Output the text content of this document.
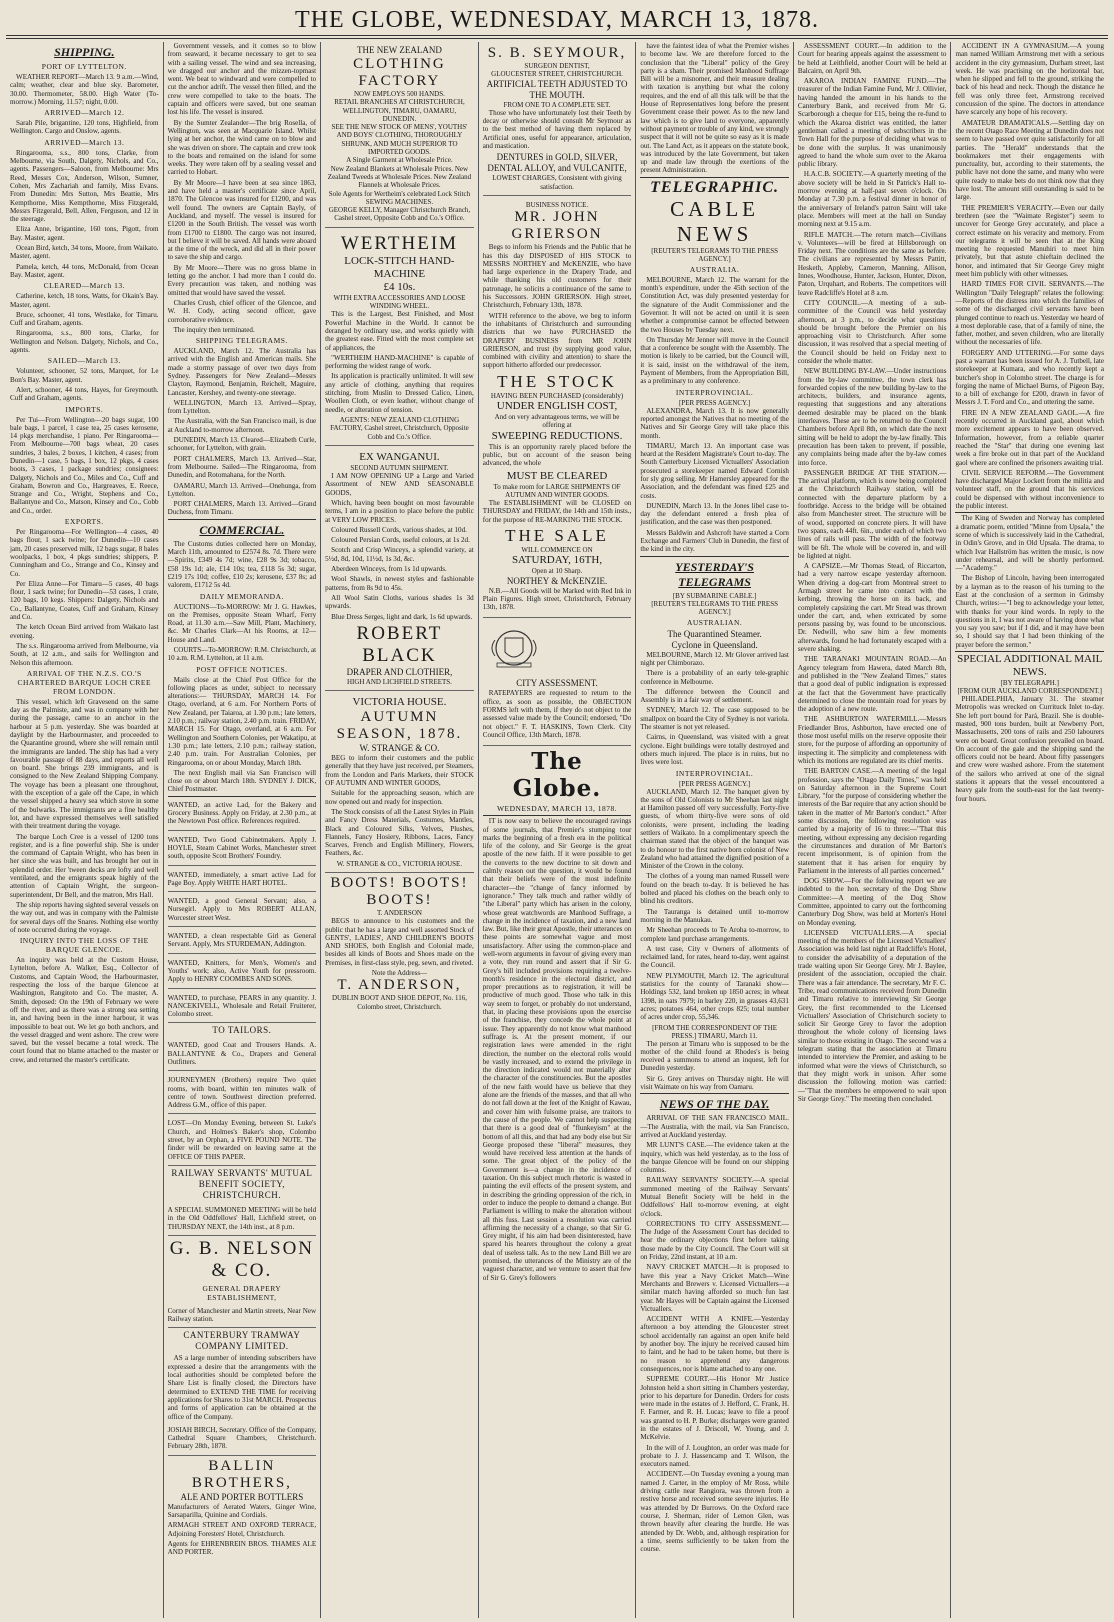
THE GLOBE, WEDNESDAY, MARCH 13, 1878.
SHIPPING.
PORT OF LYTTELTON.

WEATHER REPORT—March 13. 9 a.m.—Wind, calm; weather, clear and blue sky. Barometer, 30.00. Thermometer, 58.00. High Water (To-morrow.) Morning, 11.57; night, 0.00.

ARRIVED—March 12.

Sarah Pile, brigantine, 120 tons, Highfield, from Wellington. Cargo and Onslow, agents.

ARRIVED—March 13.

Ringarooma, s.s., 800 tons, Clarke, from Melbourne, via South, Dalgety, Nichols, and Co., agents. Passengers—Saloon, from Melbourne: Mrs Reed, Messrs Cox, Anderson, Wilson, Sumner, Cohen, Mrs Zachariah and family, Miss Evans. From Dunedin: Mrs Sutton, Mrs Beattie, Mrs Kempthorne, Miss Kempthorne, Miss Fitzgerald, Messrs Fitzgerald, Bell, Allen, Ferguson, and 12 in the steerage.

Eliza Anne, brigantine, 160 tons, Pigott, from Bay. Master, agent.

Ocean Bird, ketch, 34 tons, Moore, from Waikato. Master, agent.

Pamela, ketch, 44 tons, McDonald, from Ocean Bay. Master, agent.

CLEARED—March 13.

Catherine, ketch, 18 tons, Watts, for Okain's Bay. Master, agent.

Bruce, schooner, 41 tons, Westlake, for Timaru. Cuff and Graham, agents.

Ringarooma, s.s., 800 tons, Clarke, for Wellington and Nelson. Dalgety, Nichols, and Co., agents.

SAILED—March 13.

Volunteer, schooner, 52 tons, Marquet, for Le Bon's Bay. Master, agent.

Alert, schooner, 44 tons, Hayes, for Greymouth. Cuff and Graham, agents.

IMPORTS.

Per Tui—From Wellington—20 bags sugar, 100 bale bags, 1 parcel, 1 case tea, 25 cases kerosene, 14 pkgs merchandise, 1 piano. Per Ringarooma—From Melbourne—700 bags wheat, 20 cases sundries, 3 bales, 2 boxes, 1 kitchen, 4 cases; from Dunedin—1 case, 5 bags, 1 box, 12 pkgs, 4 cases boots, 3 cases, 1 package sundries; consignees: Dalgety, Nichols and Co., Miles and Co., Cuff and Graham, Bowron and Co., Hargreaves, E. Reece, Strange and Co., Wright, Stephens and Co., Ballantyne and Co., Matson, Kinsey and Co., Cobb and Co., order.

EXPORTS.

Per Ringarooma—For Wellington—4 cases, 40 bags flour, 1 sack twine; for Dunedin—10 cases jam, 20 cases preserved milk, 12 bags sugar, 8 bales woolpacks, 1 box, 4 pkgs sundries; shippers, P. Cunningham and Co., Strange and Co., Kinsey and Co.

Per Eliza Anne—For Timaru—5 cases, 40 bags flour, 1 sack twine; for Dunedin—53 cases, 1 crate, 120 bags, 10 kegs. Shippers: Dalgety, Nichols and Co., Ballantyne, Coates, Cuff and Graham, Kinsey and Co.

The ketch Ocean Bird arrived from Waikato last evening.

The s.s. Ringarooma arrived from Melbourne, via South, at 12 a.m., and sails for Wellington and Nelson this afternoon.

ARRIVAL OF THE N.Z.S. CO.'S CHARTERED BARQUE LOCH CREE FROM LONDON.

This vessel, which left Gravesend on the same day as the Palmiste, and was in company with her during the passage, came to an anchor in the harbour at 5 p.m. yesterday. She was boarded at daylight by the Harbourmaster, and proceeded to the Quarantine ground, where she will remain until the immigrants are landed. The ship has had a very favourable passage of 88 days, and reports all well on board. She brings 239 immigrants, and is consigned to the New Zealand Shipping Company. The voyage has been a pleasant one throughout, with the exception of a gale off the Cape, in which the vessel shipped a heavy sea which stove in some of the bulwarks. The immigrants are a fine healthy lot, and have expressed themselves well satisfied with their treatment during the voyage.

The barque Loch Cree is a vessel of 1200 tons register, and is a fine powerful ship. She is under the command of Captain Wright, who has been in her since she was built, and has brought her out in splendid order. Her 'tween decks are lofty and well ventilated, and the emigrants speak highly of the attention of Captain Wright, the surgeon-superintendent, Dr Bell, and the matron, Mrs Hall.

The ship reports having sighted several vessels on the way out, and was in company with the Palmiste for several days off the Snares. Nothing else worthy of note occurred during the voyage.

INQUIRY INTO THE LOSS OF THE BARQUE GLENCOE.

An inquiry was held at the Custom House, Lyttelton, before A. Walker, Esq., Collector of Customs, and Captain Wood, the Harbourmaster, respecting the loss of the barque Glencoe at Washington, Rangitoto and Co. The master, A. Smith, deposed: On the 19th of February we were off the river, and as there was a strong sea setting in, and having been in the inner harbour, it was impossible to beat out. We let go both anchors, and the vessel dragged and went ashore. The crew were saved, but the vessel became a total wreck. The court found that no blame attached to the master or crew, and returned the master's certificate.

Government vessels, and it comes so to blow from seaward, it became necessary to get to sea with a sailing vessel. The wind and sea increasing, we dragged our anchor and the mizzen-topmast went. We beat to windward and were compelled to cut the anchor adrift. The vessel then filled, and the crew were compelled to take to the boats. The captain and officers were saved, but one seaman lost his life. The vessel is insured.

By the Sumter Zealander—The brig Rosella, of Wellington, was seen at Macquarie Island. Whilst lying at her anchor, the wind came on to blow and she was driven on shore. The captain and crew took to the boats and remained on the island for some weeks. They were taken off by a sealing vessel and carried to Hobart.

By Mr Moore—I have been at sea since 1863, and have held a master's certificate since April, 1870. The Glencoe was insured for £1200, and was well found. The owners are Captain Bayly, of Auckland, and myself. The vessel is insured for £1200 in the South British. The vessel was worth from £1700 to £1800. The cargo was not insured, but I believe it will be saved. All hands were aboard at the time of the wreck, and did all in their power to save the ship and cargo.

By Mr Moore—There was no gross blame in letting go the anchor. I had more than I could do. Every precaution was taken, and nothing was omitted that would have saved the vessel.

Charles Crush, chief officer of the Glencoe, and W. H. Cody, acting second officer, gave corroborative evidence.

The inquiry then terminated.

SHIPPING TELEGRAMS.

AUCKLAND, March 12. The Australia has arrived with the English and American mails. She made a stormy passage of over two days from Sydney. Passengers for New Zealand—Messrs Clayton, Raymond, Benjamin, Reichelt, Maguire, Lancaster, Kershey, and twenty-one steerage.

WELLINGTON, March 13. Arrived—Spray, from Lyttelton.

The Australia, with the San Francisco mail, is due at Auckland to-morrow afternoon.

DUNEDIN, March 13. Cleared—Elizabeth Curle, schooner, for Lyttelton, with grain.

PORT CHALMERS, March 13. Arrived—Star, from Melbourne. Sailed—The Ringarooma, from Dunedin, and Rotomahana, for the North.

OAMARU, March 13. Arrived—Onehunga, from Lyttelton.

PORT CHALMERS, March 13. Arrived—Grand Duchess, from Timaru.

COMMERCIAL.

The Customs duties collected here on Monday, March 11th, amounted to £2574 8s. 7d. There were—Spirits, £349 4s 7d; wine, £28 9s 3d; tobacco, £58 19s 1d; ale, £14 10s; tea, £118 5s 3d; sugar, £219 17s 10d; coffee, £10 2s; kerosene, £37 8s; ad valorem, £1712 5s 4d.

DAILY MEMORANDA.

AUCTIONS—To-MORROW: Mr J. G. Hawkes, on the Premises, opposite Steam Wharf, Ferry Road, at 11.30 a.m.—Saw Mill, Plant, Machinery, &c. Mr Charles Clark—At his Rooms, at 12—House and Land.

COURTS—To-MORROW: R.M. Christchurch, at 10 a.m. R.M. Lyttelton, at 11 a.m.

POST OFFICE NOTICES.

Mails close at the Chief Post Office for the following places as under, subject to necessary alterations:— THURSDAY, MARCH 14. For Otago, overland, at 6 a.m. For Northern Ports of New Zealand, per Taiaroa, at 1.30 p.m.; late letters, 2.10 p.m.; railway station, 2.40 p.m. train. FRIDAY, MARCH 15. For Otago, overland, at 6 a.m. For Wellington and Southern Colonies, per Wakatipu, at 1.30 p.m.; late letters, 2.10 p.m.; railway station, 2.40 p.m. train. For Australian Colonies, per Ringarooma, on or about Monday, March 18th.

The next English mail via San Francisco will close on or about March 18th. SYDNEY J. DICK, Chief Postmaster.

WANTED, an active Lad, for the Bakery and Grocery Business. Apply on Friday, at 2.30 p.m., at the Newtown Post office. References required.

WANTED, Two Good Cabinetmakers. Apply J. HOYLE, Steam Cabinet Works, Manchester street south, opposite Scott Brothers' Foundry.

WANTED, immediately, a smart active Lad for Page Boy. Apply WHITE HART HOTEL.

WANTED, a good General Servant; also, a Nursegirl. Apply to Mrs ROBERT ALLAN, Worcester street West.

WANTED, a clean respectable Girl as General Servant. Apply, Mrs STURDEMAN, Addington.

WANTED, Knitters, for Men's, Women's and Youths' work; also, Active Youth for pressroom. Apply to HENRY COOMBES AND SONS.

WANTED, to purchase, PEARS in any quantity. J. NANCEKIVELL, Wholesale and Retail Fruiterer, Colombo street.

TO TAILORS.

WANTED, good Coat and Trousers Hands. A. BALLANTYNE & Co., Drapers and General Outfitters.

JOURNEYMEN (Brothers) require Two quiet rooms, with board, within ten minutes walk of centre of town. Southwest direction preferred. Address G.M., office of this paper.

LOST—On Monday Evening, between St. Luke's Church, and Holmes's Baker's shop, Colombo street, by an Orphan, a FIVE POUND NOTE. The finder will be rewarded on leaving same at the OFFICE OF THIS PAPER.

RAILWAY SERVANTS' MUTUAL BENEFIT SOCIETY, CHRISTCHURCH.

A SPECIAL SUMMONED MEETING will be held in the Old Oddfellows' Hall, Lichfield street, on THURSDAY NEXT, the 14th inst., at 8 p.m.

G. B. NELSON & CO.
GENERAL DRAPERY ESTABLISHMENT,

Corner of Manchester and Martin streets, Near New Railway station.

CANTERBURY TRAMWAY COMPANY LIMITED.

AS a large number of intending subscribers have expressed a desire that the arrangements with the local authorities should be completed before the Share List is finally closed, the Directors have determined to EXTEND THE TIME for receiving applications for Shares to 31st MARCH. Prospectus and forms of application can be obtained at the office of the Company.

JOSIAH BIRCH, Secretary. Office of the Company, Cathedral Square Chambers, Christchurch. February 28th, 1878.

BALLIN BROTHERS,
ALE AND PORTER BOTTLERS

Manufacturers of Aerated Waters, Ginger Wine, Sarsaparilla, Quinine and Cordials.

ARMAGH STREET AND OXFORD TERRACE, Adjoining Foresters' Hotel, Christchurch.

Agents for EHRENBREIN BROS. THAMES ALE AND PORTER.

THE NEW ZEALAND
CLOTHING FACTORY
NOW EMPLOYS 500 HANDS.
RETAIL BRANCHES AT CHRISTCHURCH, WELLINGTON, TIMARU, OAMARU, DUNEDIN.
SEE THE NEW STOCK OF MENS', YOUTHS' AND BOYS' CLOTHING, THOROUGHLY SHRUNK, AND MUCH SUPERIOR TO IMPORTED GOODS.
A Single Garment at Wholesale Price.
New Zealand Blankets at Wholesale Prices. New Zealand Tweeds at Wholesale Prices. New Zealand Flannels at Wholesale Prices.
Sole Agents for Wertheim's celebrated Lock Stitch SEWING MACHINES.
GEORGE KELLY, Manager Christchurch Branch, Cashel street, Opposite Cobb and Co.'s Office.
WERTHEIM
LOCK-STITCH HAND-MACHINE
£4 10s.
WITH EXTRA ACCESSORIES AND LOOSE WINDING WHEEL.

This is the Largest, Best Finished, and Most Powerful Machine in the World. It cannot be deranged by ordinary use, and works quietly with the greatest ease. Fitted with the most complete set of appliances, the

"WERTHEIM HAND-MACHINE" is capable of performing the widest range of work.

Its application is practically unlimited. It will sew any article of clothing, anything that requires stitching, from Muslin to Dressed Calico, Linen, Woollen Cloth, or even leather, without change of needle, or alteration of tension.

AGENTS: NEW ZEALAND CLOTHING FACTORY, Cashel street, Christchurch, Opposite Cobb and Co.'s Office.
EX WANGANUI.
SECOND AUTUMN SHIPMENT.

I AM NOW OPENING UP a Large and Varied Assortment of NEW AND SEASONABLE GOODS,

Which, having been bought on most favourable terms, I am in a position to place before the public at VERY LOW PRICES.

Coloured Russell Cords, various shades, at 10d.

Coloured Persian Cords, useful colours, at 1s 2d.

Scotch and Crisp Winceys, a splendid variety, at 5½d, 8d, 10d, 11½d, 1s 3d, &c.

Aberdeen Winceys, from 1s 1d upwards.

Wool Shawls, in newest styles and fashionable patterns, from 8s 9d to 45s.

All Wool Satin Cloths, various shades 1s 3d upwards.

Blue Dress Serges, light and dark, 1s 6d upwards.

ROBERT BLACK
DRAPER AND CLOTHIER,
HIGH AND LICHFIELD STREETS.
VICTORIA HOUSE.
AUTUMN SEASON, 1878.
W. STRANGE & CO.

BEG to inform their customers and the public generally that they have just received, per Steamers, from the London and Paris Markets, their STOCK OF AUTUMN AND WINTER GOODS,

Suitable for the approaching season, which are now opened out and ready for inspection.

The Stock consists of all the Latest Styles in Plain and Fancy Dress Materials, Costumes, Mantles, Black and Coloured Silks, Velvets, Plushes, Flannels, Fancy Hosiery, Ribbons, Laces, Fancy Scarves, French and English Millinery, Flowers, Feathers, &c.

W. STRANGE & CO., VICTORIA HOUSE.
BOOTS! BOOTS! BOOTS!
T. ANDERSON

BEGS to announce to his customers and the public that he has a large and well assorted Stock of GENTS', LADIES', AND CHILDREN'S BOOTS AND SHOES, both English and Colonial made, besides all kinds of Boots and Shoes made on the Premises, in first-class style, peg, sewn, and riveted.

Note the Address—
T. ANDERSON,
DUBLIN BOOT AND SHOE DEPOT, No. 116, Colombo street, Christchurch.
S. B. SEYMOUR,
SURGEON DENTIST,
GLOUCESTER STREET, CHRISTCHURCH.
ARTIFICIAL TEETH ADJUSTED TO THE MOUTH.
FROM ONE TO A COMPLETE SET.

Those who have unfortunately lost their Teeth by decay or otherwise should consult Mr Seymour as to the best method of having them replaced by Artificial ones, useful for appearance, articulation, and mastication.

DENTURES in GOLD, SILVER, DENTAL ALLOY, and VULCANITE,
LOWEST CHARGES, Consistent with giving satisfaction.
BUSINESS NOTICE.
MR. JOHN GRIERSON

Begs to inform his Friends and the Public that he has this day DISPOSED of HIS STOCK to MESSRS NORTHEY and McKENZIE, who have had large experience in the Drapery Trade, and while thanking his old customers for their patronage, he solicits a continuance of the same to his Successors. JOHN GRIERSON. High street, Christchurch, February 13th, 1878.

WITH reference to the above, we beg to inform the inhabitants of Christchurch and surrounding districts that we have PURCHASED the DRAPERY BUSINESS from MR JOHN GRIERSON, and trust (by supplying good value, combined with civility and attention) to share the support hitherto afforded our predecessor.

THE STOCK
HAVING BEEN PURCHASED (considerably)
UNDER ENGLISH COST,
And on very advantageous terms, we will be offering at
SWEEPING REDUCTIONS.

This is an opportunity rarely placed before the public, but on account of the season being advanced, the whole

MUST BE CLEARED
To make room for LARGE SHIPMENTS OF AUTUMN AND WINTER GOODS.

The ESTABLISHMENT will be CLOSED on THURSDAY and FRIDAY, the 14th and 15th insts., for the purpose of RE-MARKING THE STOCK.

THE SALE
WILL COMMENCE ON
SATURDAY, 16TH,
Open at 10 Sharp.
NORTHEY & McKENZIE.

N.B.—All Goods will be Marked with Red Ink in Plain Figures. High street, Christchurch, February 13th, 1878.

CITY ASSESSMENT.

RATEPAYERS are requested to return to the office, as soon as possible, the OBJECTION FORMS left with them, if they do not object to the assessed value made by the Council; endorsed, "Do not object." F. T. HASKINS, Town Clerk. City Council Office, 13th March, 1878.

The Globe.
WEDNESDAY, MARCH 13, 1878.

IT is now easy to believe the encouraged ravings of some journals, that Premier's stumping tour marks the beginning of a fresh era in the political life of the colony, and Sir George is the great apostle of the new faith. If it were possible to get the converts to the new doctrine to sit down and calmly reason out the question, it would be found that their beliefs were of the most indefinite character—the "change of fancy informed by ignorance." They talk much and rather wildly of "the Liberal" party which has arisen in the colony, whose great watchwords are Manhood Suffrage, a change in the incidence of taxation, and a new land law. But, like their great Apostle, their utterances on these points are somewhat vague and most unsatisfactory. After using the common-place and well-worn arguments in favour of giving every man a vote, they run round and assert that if Sir G. Grey's bill included provisions requiring a twelve-month's residence in the electoral district, and proper precautions as to registration, it will be productive of much good. Those who talk in this way seem to forget, or probably do not understand, that, in placing these provisions upon the exercise of the franchise, they concede the whole point at issue. They apparently do not know what manhood suffrage is. At the present moment, if our registration laws were amended in the right direction, the number on the electoral rolls would be vastly increased, and to extend the privilege in the direction indicated would not materially alter the character of the constituencies. But the apostles of the new faith would have us believe that they alone are the friends of the masses, and that all who do not fall down at the feet of the Knight of Kawau, and cover him with fulsome praise, are traitors to the cause of the people. We cannot help suspecting that there is a good deal of "flunkeyism" at the bottom of all this, and that had any body else but Sir George proposed these "liberal" measures, they would have received less attention at the hands of some. The great object of the policy of the Government is—a change in the incidence of taxation. On this subject much rhetoric is wasted in painting the evil effects of the present system, and in describing the grinding oppression of the rich, in order to induce the people to demand a change. But Parliament is willing to make the alteration without all this fuss. Last session a resolution was carried affirming the necessity of a change, so that Sir G. Grey might, if his aim had been disinterested, have spared his hearers throughout the colony a great deal of useless talk. As to the new Land Bill we are promised, the utterances of the Ministry are of the vaguest character, and we venture to assert that few of Sir G. Grey's followers

have the faintest idea of what the Premier wishes to become law. We are therefore forced to the conclusion that the "Liberal" policy of the Grey party is a sham. Their promised Manhood Suffrage Bill will be a misnomer, and their measure dealing with taxation is anything but what the colony requires, and the end of all this talk will be that the House of Representatives long before the present Government cease their power. As to the new land law which is to give land to everyone, apparently without payment or trouble of any kind, we strongly suspect that it will not be quite so easy as it is made out. The Land Act, as it appears on the statute book, was introduced by the late Government, but taken up and made law through the exertions of the present Administration.

TELEGRAPHIC.
CABLE NEWS
[REUTER'S TELEGRAMS TO THE PRESS AGENCY.]
AUSTRALIA.

MELBOURNE, March 12. The warrant for the month's expenditure, under the 45th section of the Constitution Act, was duly presented yesterday for the signature of the Audit Commissioner and the Governor. It will not be acted on until it is seen whether a compromise cannot be effected between the two Houses by Tuesday next.

On Thursday Mr Jenner will move in the Council that a conference be sought with the Assembly. The motion is likely to be carried, but the Council will, it is said, insist on the withdrawal of the item, Payment of Members, from the Appropriation Bill, as a preliminary to any conference.

INTERPROVINCIAL.
[PER PRESS AGENCY.]

ALEXANDRA, March 13. It is now generally reported amongst the Natives that no meeting of the Natives and Sir George Grey will take place this month.

TIMARU, March 13. An important case was heard at the Resident Magistrate's Court to-day. The South Canterbury Licensed Victuallers' Association prosecuted a storekeeper named Edward Cornish for sly grog selling. Mr Hamersley appeared for the Association, and the defendant was fined £25 and costs.

DUNEDIN, March 13. In the Jones libel case to-day the defendant entered a fresh plea of justification, and the case was then postponed.

Messrs Baldwin and Ashcroft have started a Corn Exchange and Farmers' Club in Dunedin, the first of the kind in the city.

YESTERDAY'S TELEGRAMS
[BY SUBMARINE CABLE.]
[REUTER'S TELEGRAMS TO THE PRESS AGENCY.]
AUSTRALIAN.
The Quarantined Steamer.
Cyclone in Queensland.

MELBOURNE, March 12. Mr Glover arrived last night per Chimborazo.

There is a probability of an early tele-graphic conference in Melbourne.

The difference between the Council and Assembly is in a fair way of settlement.

SYDNEY, March 12. The case supposed to be smallpox on board the City of Sydney is not variola. The steamer is not yet released.

Cairns, in Queensland, was visited with a great cyclone. Eight buildings were totally destroyed and others much injured. The place is in ruins, but no lives were lost.

INTERPROVINCIAL.
[PER PRESS AGENCY.]

AUCKLAND, March 12. The banquet given by the sons of Old Colonists to Mr Sheehan last night at Hamilton passed off very successfully. Forty-five guests, of whom thirty-five were sons of old colonists, were present, including the leading settlers of Waikato. In a complimentary speech the chairman stated that the object of the banquet was to do honour to the first native born colonist of New Zealand who had attained the dignified position of a Minister of the Crown in the colony.

The clothes of a young man named Russell were found on the beach to-day. It is believed he has bolted and placed his clothes on the beach only to blind his creditors.

The Tauranga is detained until to-morrow morning in the Manukau.

Mr Sheehan proceeds to Te Aroha to-morrow, to complete land purchase arrangements.

A test case, City v Owners of allotments of reclaimed land, for rates, heard to-day, went against the Council.

NEW PLYMOUTH, March 12. The agricultural statistics for the county of Taranaki show—Holdings 532, land broken up 1850 acres; in wheat 1398, in oats 7979; in barley 220, in grasses 43,631 acres; potatoes 464, other crops 825; total number of acres under crop, 55,346.

[FROM THE CORRESPONDENT OF THE PRESS.] TIMARU, March 11.

The person at Timaru who is supposed to be the mother of the child found at Rhodes's is being received a summons to attend an inquest, left for Dunedin yesterday.

Sir G. Grey arrives on Thursday night. He will visit Waimate on his way from Oamaru.

NEWS OF THE DAY.

ARRIVAL OF THE SAN FRANCISCO MAIL.—The Australia, with the mail, via San Francisco, arrived at Auckland yesterday.

MR LUNT'S CASE.—The evidence taken at the inquiry, which was held yesterday, as to the loss of the barque Glencoe will be found on our shipping columns.

RAILWAY SERVANTS' SOCIETY.—A special summoned meeting of the Railway Servants' Mutual Benefit Society will be held in the Oddfellows' Hall to-morrow evening, at eight o'clock.

CORRECTIONS TO CITY ASSESSMENT.—The Judge of the Assessment Court has decided to hear the ordinary objections first before taking those made by the City Council. The Court will sit on Friday, 22nd instant, at 10 a.m.

NAVY CRICKET MATCH.—It is proposed to have this year a Navy Cricket Match—Wine Merchants and Brewers v. Licensed Victuallers—a similar match having afforded so much fun last year. Mr Hayes will be Captain against the Licensed Victuallers.

ACCIDENT WITH A KNIFE.—Yesterday afternoon a boy attending the Gloucester street school accidentally ran against an open knife held by another boy. The injury he received caused him to faint, and he had to be taken home, but there is no reason to apprehend any dangerous consequences, nor is blame attached to any one.

SUPREME COURT.—His Honor Mr Justice Johnston held a short sitting in Chambers yesterday, prior to his departure for Dunedin. Orders for costs were made in the estates of J. Hefford, C. Frank, H. F. Farmer, and R. H. Lucas; leave to file a proof was granted to H. P. Burke; discharges were granted in the estates of J. Driscoll, W. Young, and J. McKelvie.

In the will of J. Loughton, an order was made for probate to J. J. Hassencamp and T. Wilson, the executors named.

ACCIDENT.—On Tuesday evening a young man named J. Carter, in the employ of Mr Ross, while driving cattle near Rangiora, was thrown from a restive horse and received some severe injuries. He was attended by Dr Burrows. On the Oxford race course, J. Sherman, rider of Lemon Glen, was thrown heavily after clearing the hurdle. He was attended by Dr. Webb, and, although respiration for a time, seems sufficiently to be taken from the course.

ASSESSMENT COURT.—In addition to the Court for hearing appeals against the assessment to be held at Leithfield, another Court will be held at Balcairn, on April 9th.

AKAROA INDIAN FAMINE FUND.—The treasurer of the Indian Famine Fund, Mr J. Ollivier, having handed the amount in his hands to the Canterbury Bank, and received from Mr G. Scarborough a cheque for £15, being the re-fund to which the Akaroa district was entitled, the latter gentleman called a meeting of subscribers in the Town Hall for the purpose of deciding what was to be done with the surplus. It was unanimously agreed to hand the whole sum over to the Akaroa public library.

H.A.C.B. SOCIETY.—A quarterly meeting of the above society will be held in St Patrick's Hall to-morrow evening at half-past seven o'clock. On Monday at 7.30 p.m. a festival dinner in honor of the anniversary of Ireland's patron Saint will take place. Members will meet at the hall on Sunday morning next at 9.15 a.m.

RIFLE MATCH.—The return match—Civilians v. Volunteers—will be fired at Hillsborough on Friday next. The conditions are the same as before. The civilians are represented by Messrs Pattitt, Hesketh, Appleby, Cameron, Manning, Allison, Innes, Woodhouse, Hunter, Jackson, Hunter, Dixon, Paton, Urquhart, and Roberts. The competitors will leave Radcliffe's Hotel at 8 a.m.

CITY COUNCIL.—A meeting of a sub-committee of the Council was held yesterday afternoon, at 3 p.m., to decide what questions should be brought before the Premier on his approaching visit to Christchurch. After some discussion, it was resolved that a special meeting of the Council should be held on Friday next to consider the whole matter.

NEW BUILDING BY-LAW.—Under instructions from the by-law committee, the town clerk has forwarded copies of the new building by-law to the architects, builders, and insurance agents, requesting that suggestions and any alterations deemed desirable may be placed on the blank interleaves. These are to be returned to the Council Chambers before April 8th, on which date the next sitting will be held to adopt the by-law finally. This precaution has been taken to prevent, if possible, any complaints being made after the by-law comes into force.

PASSENGER BRIDGE AT THE STATION.—The arrival platform, which is now being completed at the Christchurch Railway station, will be connected with the departure platform by a footbridge. Access to the bridge will be obtained also from Manchester street. The structure will be of wood, supported on concrete piers. It will have two spans, each 44ft. 6in., under each of which two lines of rails will pass. The width of the footway will be 6ft. The whole will be covered in, and will be lighted at night.

A CAPSIZE.—Mr Thomas Stead, of Riccarton, had a very narrow escape yesterday afternoon. When driving a dog-cart from Montreal street to Armagh street he came into contact with the kerbing, throwing the horse on its back, and completely capsizing the cart. Mr Stead was thrown under the cart, and, when extricated by some persons passing by, was found to be unconscious. Dr. Nedwill, who saw him a few moments afterwards, found he had fortunately escaped with a severe shaking.

THE TARANAKI MOUNTAIN ROAD.—An Agency telegram from Hawera, dated March 8th, and published in the "New Zealand Times," states that a good deal of public indignation is expressed at the fact that the Government have practically determined to close the mountain road for years by the adoption of a new route.

THE ASHBURTON WATERMILL.—Messrs Friedlander Bros, Ashburton, have erected one of those most useful mills on the reserve opposite their store, for the purpose of affording an opportunity of inspecting it. The simplicity and completeness with which its motions are regulated are its chief merits.

THE BARTON CASE.—A meeting of the legal profession, says the "Otago Daily Times," was held on Saturday afternoon in the Supreme Court Library, "for the purpose of considering whether the interests of the Bar require that any action should be taken in the matter of Mr Barton's conduct." After some discussion, the following resolution was carried by a majority of 16 to three:—"That this meeting, without expressing any decision regarding the circumstances and duration of Mr Barton's recent imprisonment, is of opinion from the statement that it has arisen for enquiry by Parliament in the interests of all parties concerned."

DOG SHOW.—For the following report we are indebted to the hon. secretary of the Dog Show Committee:—A meeting of the Dog Show Committee, appointed to carry out the forthcoming Canterbury Dog Show, was held at Morten's Hotel on Monday evening.

LICENSED VICTUALLERS.—A special meeting of the members of the Licensed Victuallers' Association was held last night at Radcliffe's Hotel, to consider the advisability of a deputation of the trade waiting upon Sir George Grey. Mr J. Baylee, president of the association, occupied the chair. There was a fair attendance. The secretary, Mr F. C. Tribe, read communications received from Dunedin and Timaru relative to interviewing Sir George Grey, the first recommended to the Licensed Victuallers' Association of Christchurch society to solicit Sir George Grey to favor the adoption throughout the whole colony of licensing laws similar to those existing in Otago. The second was a telegram stating that the association at Timaru intended to interview the Premier, and asking to be informed what were the views of Christchurch, so that they might work in unison. After some discussion the following motion was carried:—"That the members be empowered to wait upon Sir George Grey." The meeting then concluded.

ACCIDENT IN A GYMNASIUM.—A young man named William Armstrong met with a serious accident in the city gymnasium, Durham street, last week. He was practising on the horizontal bar, when he slipped and fell to the ground, striking the back of his head and neck. Though the distance he fell was only three feet, Armstrong received concussion of the spine. The doctors in attendance have scarcely any hope of his recovery.

AMATEUR DRAMATICALS.—Settling day on the recent Otago Race Meeting at Dunedin does not seem to have passed over quite satisfactorily for all parties. The "Herald" understands that the bookmakers met their engagements with punctuality, but, according to their statements, the public have not done the same, and many who were quite ready to make bets do not think now that they have lost. The amount still outstanding is said to be large.

THE PREMIER'S VERACITY.—Even our daily brethren (see the "Waimate Register") seem to uncover for George Grey accurately, and place a correct estimate on his veracity and memory. From our telegrams it will be seen that at the King meeting he requested Manuhiri to meet him privately, but that astute chieftain declined the honor, and intimated that Sir George Grey might meet him publicly with other witnesses.

HARD TIMES FOR CIVIL SERVANTS.—The Wellington "Daily Telegraph" relates the following:—Reports of the distress into which the families of some of the discharged civil servants have been plunged continue to reach us. Yesterday we heard of a most deplorable case, that of a family of nine, the father, mother, and seven children, who are literally without the necessaries of life.

FORGERY AND UTTERING.—For some days past a warrant has been issued for A. J. Tutbell, late storekeeper at Kumara, and who recently kept a butcher's shop in Colombo street. The charge is for forging the name of Michael Burns, of Pigeon Bay, to a bill of exchange for £200, drawn in favor of Messrs J. T. Ford and Co., and uttering the same.

FIRE IN A NEW ZEALAND GAOL.—A fire recently occurred in Auckland gaol, about which more excitement appears to have been observed. Information, however, from a reliable quarter reached the "Star" that during one evening last week a fire broke out in that part of the Auckland gaol where are confined the prisoners awaiting trial.

CIVIL SERVICE REFORM.—The Government have discharged Major Lockett from the militia and volunteer staff, on the ground that his services could be dispensed with without inconvenience to the public interest.

The King of Sweden and Norway has completed a dramatic poem, entitled "Minne from Upsala," the scene of which is successively laid in the Cathedral, in Odin's Grove, and in Old Upsala. The drama, to which Ivar Hallström has written the music, is now under rehearsal, and will be shortly performed.—"Academy."

The Bishop of Lincoln, having been interrogated by a layman as to the reason of his turning to the East at the conclusion of a sermon in Grimsby Church, writes:—"I beg to acknowledge your letter, with thanks for your kind words. In reply to the questions in it, I was not aware of having done what you say you saw; but if I did, and it may have been so, I should say that I had been thinking of the prayer before the sermon."

SPECIAL ADDITIONAL MAIL
NEWS.
[BY TELEGRAPH.]
[FROM OUR AUCKLAND CORRESPONDENT.]

PHILADELPHIA, January 31. The steamer Metropolis was wrecked on Currituck Inlet to-day. She left port bound for Pará, Brazil. She is double-masted, 900 tons burden, built at Newberry Port, Massachusetts, 200 tons of rails and 250 labourers were on board. Great confusion prevailed on board. On account of the gale and the shipping sand the officers could not be heard. About fifty passengers and crew were washed ashore. From the statement of the sailors who arrived at one of the signal stations it appears that the vessel encountered a heavy gale from the south-east for the last twenty-four hours.
